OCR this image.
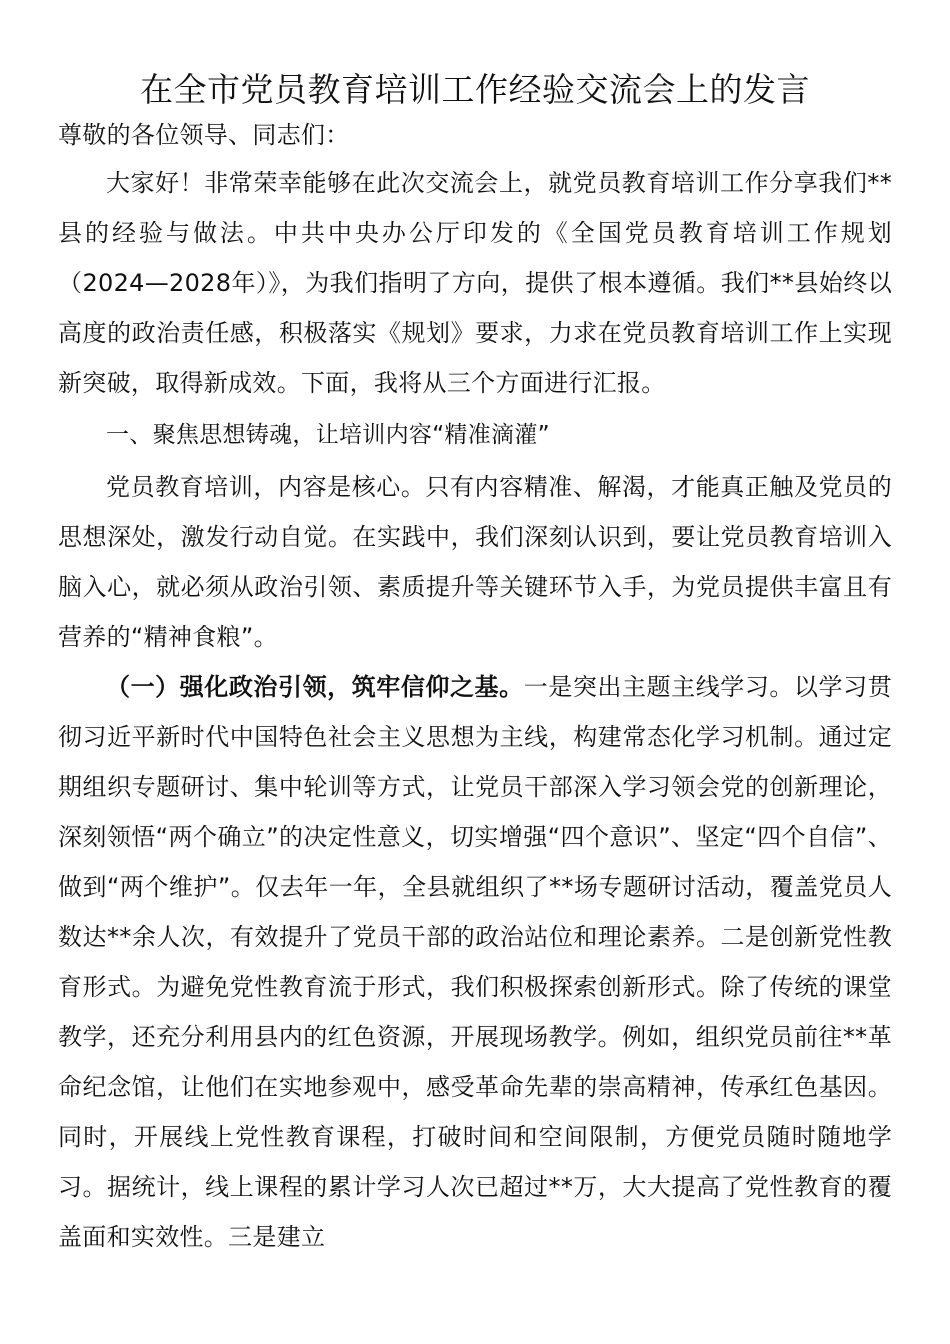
在全市党员教育培训工作经验交流会上的发言

尊敬的各位领导、同志们：

大家好！非常荣幸能够在此次交流会上，就党员教育培训工作分享我们**县的经验与做法。中共中央办公厅印发的《全国党员教育培训工作规划（2024—2028年）》，为我们指明了方向，提供了根本遵循。我们**县始终以高度的政治责任感，积极落实《规划》要求，力求在党员教育培训工作上实现新突破，取得新成效。下面，我将从三个方面进行汇报。

一、聚焦思想铸魂，让培训内容“精准滴灌”

党员教育培训，内容是核心。只有内容精准、解渴，才能真正触及党员的思想深处，激发行动自觉。在实践中，我们深刻认识到，要让党员教育培训入脑入心，就必须从政治引领、素质提升等关键环节入手，为党员提供丰富且有营养的“精神食粮”。

（一）强化政治引领，筑牢信仰之基。一是突出主题主线学习。以学习贯彻习近平新时代中国特色社会主义思想为主线，构建常态化学习机制。通过定期组织专题研讨、集中轮训等方式，让党员干部深入学习领会党的创新理论，深刻领悟“两个确立”的决定性意义，切实增强“四个意识”、坚定“四个自信”、做到“两个维护”。仅去年一年，全县就组织了**场专题研讨活动，覆盖党员人数达**余人次，有效提升了党员干部的政治站位和理论素养。二是创新党性教育形式。为避免党性教育流于形式，我们积极探索创新形式。除了传统的课堂教学，还充分利用县内的红色资源，开展现场教学。例如，组织党员前往**革命纪念馆，让他们在实地参观中，感受革命先辈的崇高精神，传承红色基因。同时，开展线上党性教育课程，打破时间和空间限制，方便党员随时随地学习。据统计，线上课程的累计学习人次已超过**万，大大提高了党性教育的覆盖面和实效性。三是建立
